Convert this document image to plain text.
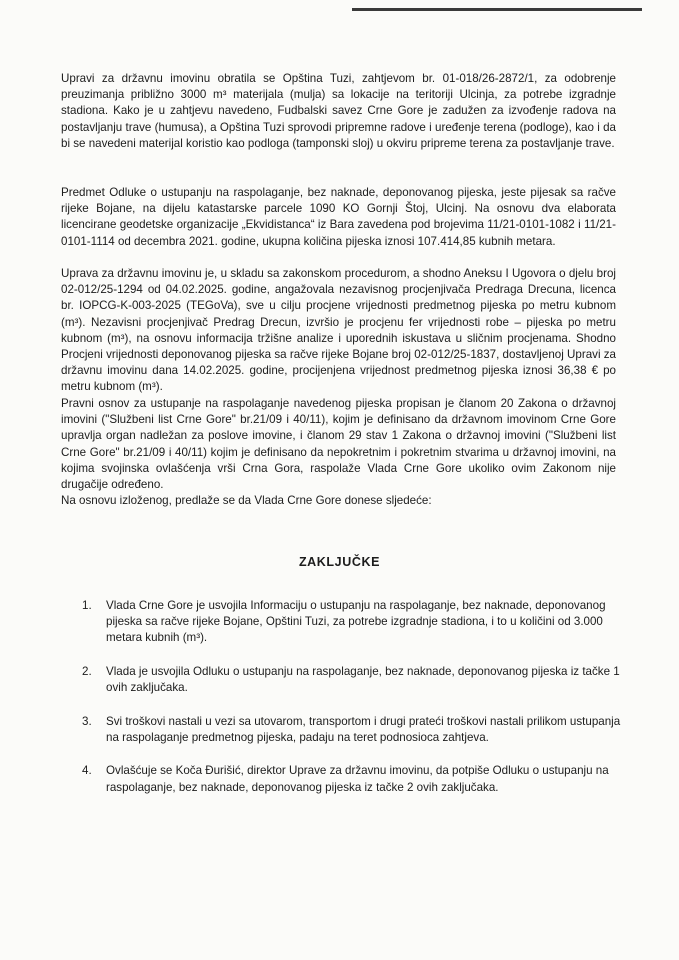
Upravi za državnu imovinu obratila se Opština Tuzi, zahtjevom br. 01-018/26-2872/1, za odobrenje preuzimanja približno 3000 m³ materijala (mulja) sa lokacije na teritoriji Ulcinja, za potrebe izgradnje stadiona. Kako je u zahtjevu navedeno, Fudbalski savez Crne Gore je zadužen za izvođenje radova na postavljanju trave (humusa), a Opština Tuzi sprovodi pripremne radove i uređenje terena (podloge), kao i da bi se navedeni materijal koristio kao podloga (tamponski sloj) u okviru pripreme terena za postavljanje trave.

Predmet Odluke o ustupanju na raspolaganje, bez naknade, deponovanog pijeska, jeste pijesak sa račve rijeke Bojane, na dijelu katastarske parcele 1090 KO Gornji Štoj, Ulcinj. Na osnovu dva elaborata licencirane geodetske organizacije „Ekvidistanca“ iz Bara zavedena pod brojevima 11/21-0101-1082 i 11/21-0101-1114 od decembra 2021. godine, ukupna količina pijeska iznosi 107.414,85 kubnih metara.

Uprava za državnu imovinu je, u skladu sa zakonskom procedurom, a shodno Aneksu I Ugovora o djelu broj 02-012/25-1294 od 04.02.2025. godine, angažovala nezavisnog procjenjivača Predraga Drecuna, licenca br. IOPCG-K-003-2025 (TEGoVa), sve u cilju procjene vrijednosti predmetnog pijeska po metru kubnom (m³). Nezavisni procjenjivač Predrag Drecun, izvršio je procjenu fer vrijednosti robe – pijeska po metru kubnom (m³), na osnovu informacija tržišne analize i uporednih iskustava u sličnim procjenama. Shodno Procjeni vrijednosti deponovanog pijeska sa račve rijeke Bojane broj 02-012/25-1837, dostavljenoj Upravi za državnu imovinu dana 14.02.2025. godine, procijenjena vrijednost predmetnog pijeska iznosi 36,38 € po metru kubnom (m³).

Pravni osnov za ustupanje na raspolaganje navedenog pijeska propisan je članom 20 Zakona o državnoj imovini ("Službeni list Crne Gore" br.21/09 i 40/11), kojim je definisano da državnom imovinom Crne Gore upravlja organ nadležan za poslove imovine, i članom 29 stav 1 Zakona o državnoj imovini ("Službeni list Crne Gore" br.21/09 i 40/11) kojim je definisano da nepokretnim i pokretnim stvarima u državnoj imovini, na kojima svojinska ovlašćenja vrši Crna Gora, raspolaže Vlada Crne Gore ukoliko ovim Zakonom nije drugačije određeno.

Na osnovu izloženog, predlaže se da Vlada Crne Gore donese sljedeće:

ZAKLJUČKE
1.	Vlada Crne Gore je usvojila Informaciju o ustupanju na raspolaganje, bez naknade, deponovanog pijeska sa račve rijeke Bojane, Opštini Tuzi, za potrebe izgradnje stadiona, i to u količini od 3.000 metara kubnih (m³).
2.	Vlada je usvojila Odluku o ustupanju na raspolaganje, bez naknade, deponovanog pijeska iz tačke 1 ovih zaključaka.
3.	Svi troškovi nastali u vezi sa utovarom, transportom i drugi prateći troškovi nastali prilikom ustupanja na raspolaganje predmetnog pijeska, padaju na teret podnosioca zahtjeva.
4.	Ovlašćuje se Koča Đurišić, direktor Uprave za državnu imovinu, da potpiše Odluku o ustupanju na raspolaganje, bez naknade, deponovanog pijeska iz tačke 2 ovih zaključaka.
